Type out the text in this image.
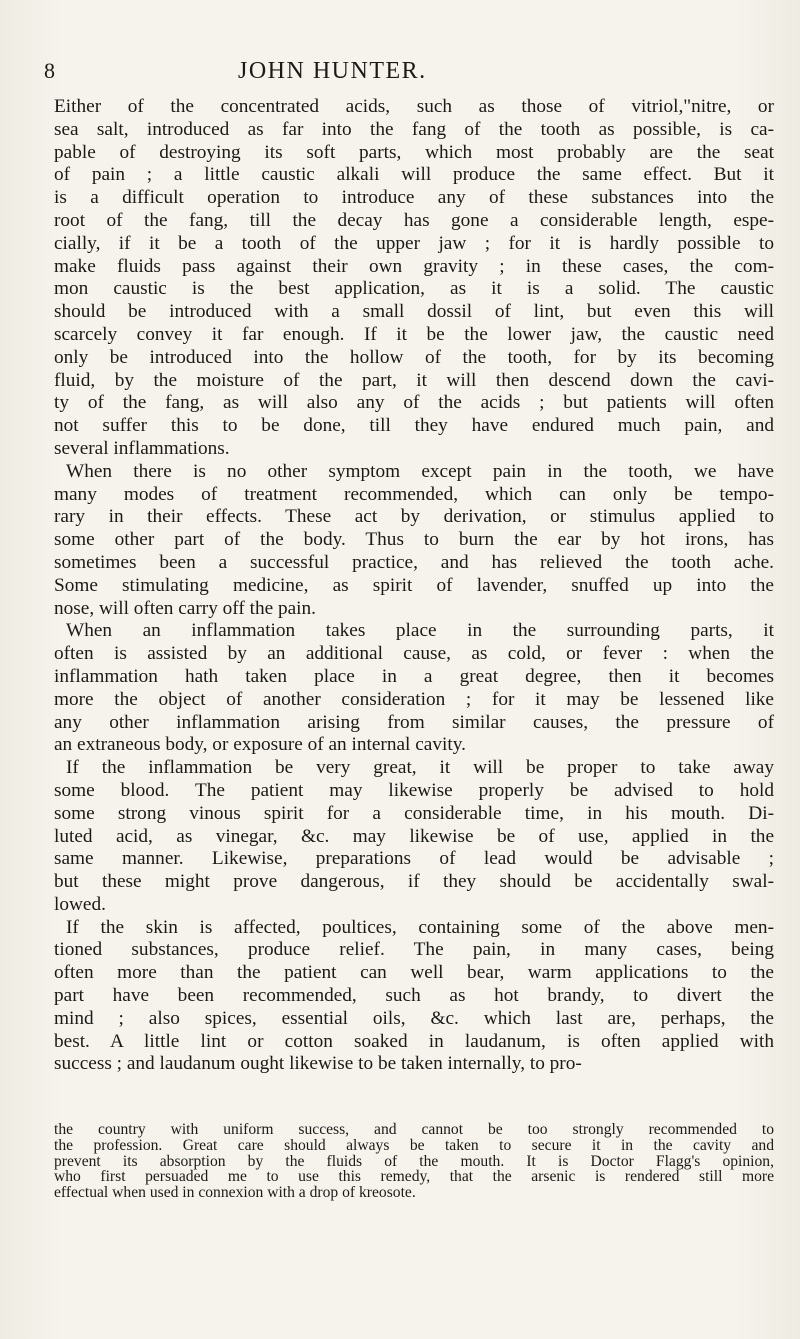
8	JOHN HUNTER.
Either of the concentrated acids, such as those of vitriol,"nitre, or
sea salt, introduced as far into the fang of the tooth as possible, is ca-
pable of destroying its soft parts, which most probably are the seat
of pain ; a little caustic alkali will produce the same effect. But it
is a difficult operation to introduce any of these substances into the
root of the fang, till the decay has gone a considerable length, espe-
cially, if it be a tooth of the upper jaw ; for it is hardly possible to
make fluids pass against their own gravity ; in these cases, the com-
mon caustic is the best application, as it is a solid. The caustic
should be introduced with a small dossil of lint, but even this will
scarcely convey it far enough. If it be the lower jaw, the caustic need
only be introduced into the hollow of the tooth, for by its becoming
fluid, by the moisture of the part, it will then descend down the cavi-
ty of the fang, as will also any of the acids ; but patients will often
not suffer this to be done, till they have endured much pain, and
several inflammations.
When there is no other symptom except pain in the tooth, we have
many modes of treatment recommended, which can only be tempo-
rary in their effects. These act by derivation, or stimulus applied to
some other part of the body. Thus to burn the ear by hot irons, has
sometimes been a successful practice, and has relieved the tooth ache.
Some stimulating medicine, as spirit of lavender, snuffed up into the
nose, will often carry off the pain.
When an inflammation takes place in the surrounding parts, it
often is assisted by an additional cause, as cold, or fever : when the
inflammation hath taken place in a great degree, then it becomes
more the object of another consideration ; for it may be lessened like
any other inflammation arising from similar causes, the pressure of
an extraneous body, or exposure of an internal cavity.
If the inflammation be very great, it will be proper to take away
some blood. The patient may likewise properly be advised to hold
some strong vinous spirit for a considerable time, in his mouth. Di-
luted acid, as vinegar, &c. may likewise be of use, applied in the
same manner. Likewise, preparations of lead would be advisable ;
but these might prove dangerous, if they should be accidentally swal-
lowed.
If the skin is affected, poultices, containing some of the above men-
tioned substances, produce relief. The pain, in many cases, being
often more than the patient can well bear, warm applications to the
part have been recommended, such as hot brandy, to divert the
mind ; also spices, essential oils, &c. which last are, perhaps, the
best. A little lint or cotton soaked in laudanum, is often applied with
success ; and laudanum ought likewise to be taken internally, to pro-
the country with uniform success, and cannot be too strongly recommended to
the profession. Great care should always be taken to secure it in the cavity and
prevent its absorption by the fluids of the mouth. It is Doctor Flagg's opinion,
who first persuaded me to use this remedy, that the arsenic is rendered still more
effectual when used in connexion with a drop of kreosote.
